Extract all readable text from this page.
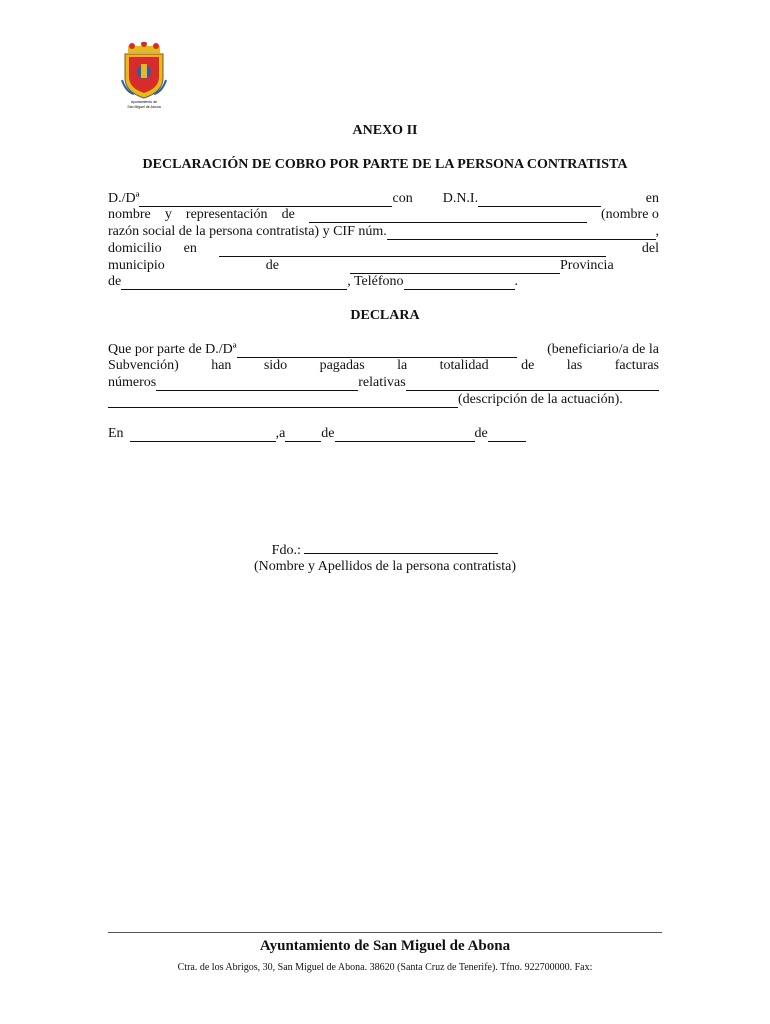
Ayuntamiento de
San Miguel de Abona
ANEXO II
DECLARACIÓN DE COBRO POR PARTE DE LA PERSONA CONTRATISTA
D./Dª	con D.N.I.	en
nombre y representación de	(nombre o
razón social de la persona contratista) y CIF núm.	,
domicilio en	del
municipio	de	Provincia
de	, Teléfono	.
DECLARA
Que por parte de D./Dª	(beneficiario/a de la
Subvención) han sido pagadas la totalidad de las facturas
números	relativas
(descripción de la actuación).
En	,a	de	de
Fdo.:
(Nombre y Apellidos de la persona contratista)
Ayuntamiento de San Miguel de Abona
Ctra. de los Abrigos, 30, San Miguel de Abona. 38620 (Santa Cruz de Tenerife). Tfno. 922700000. Fax:
